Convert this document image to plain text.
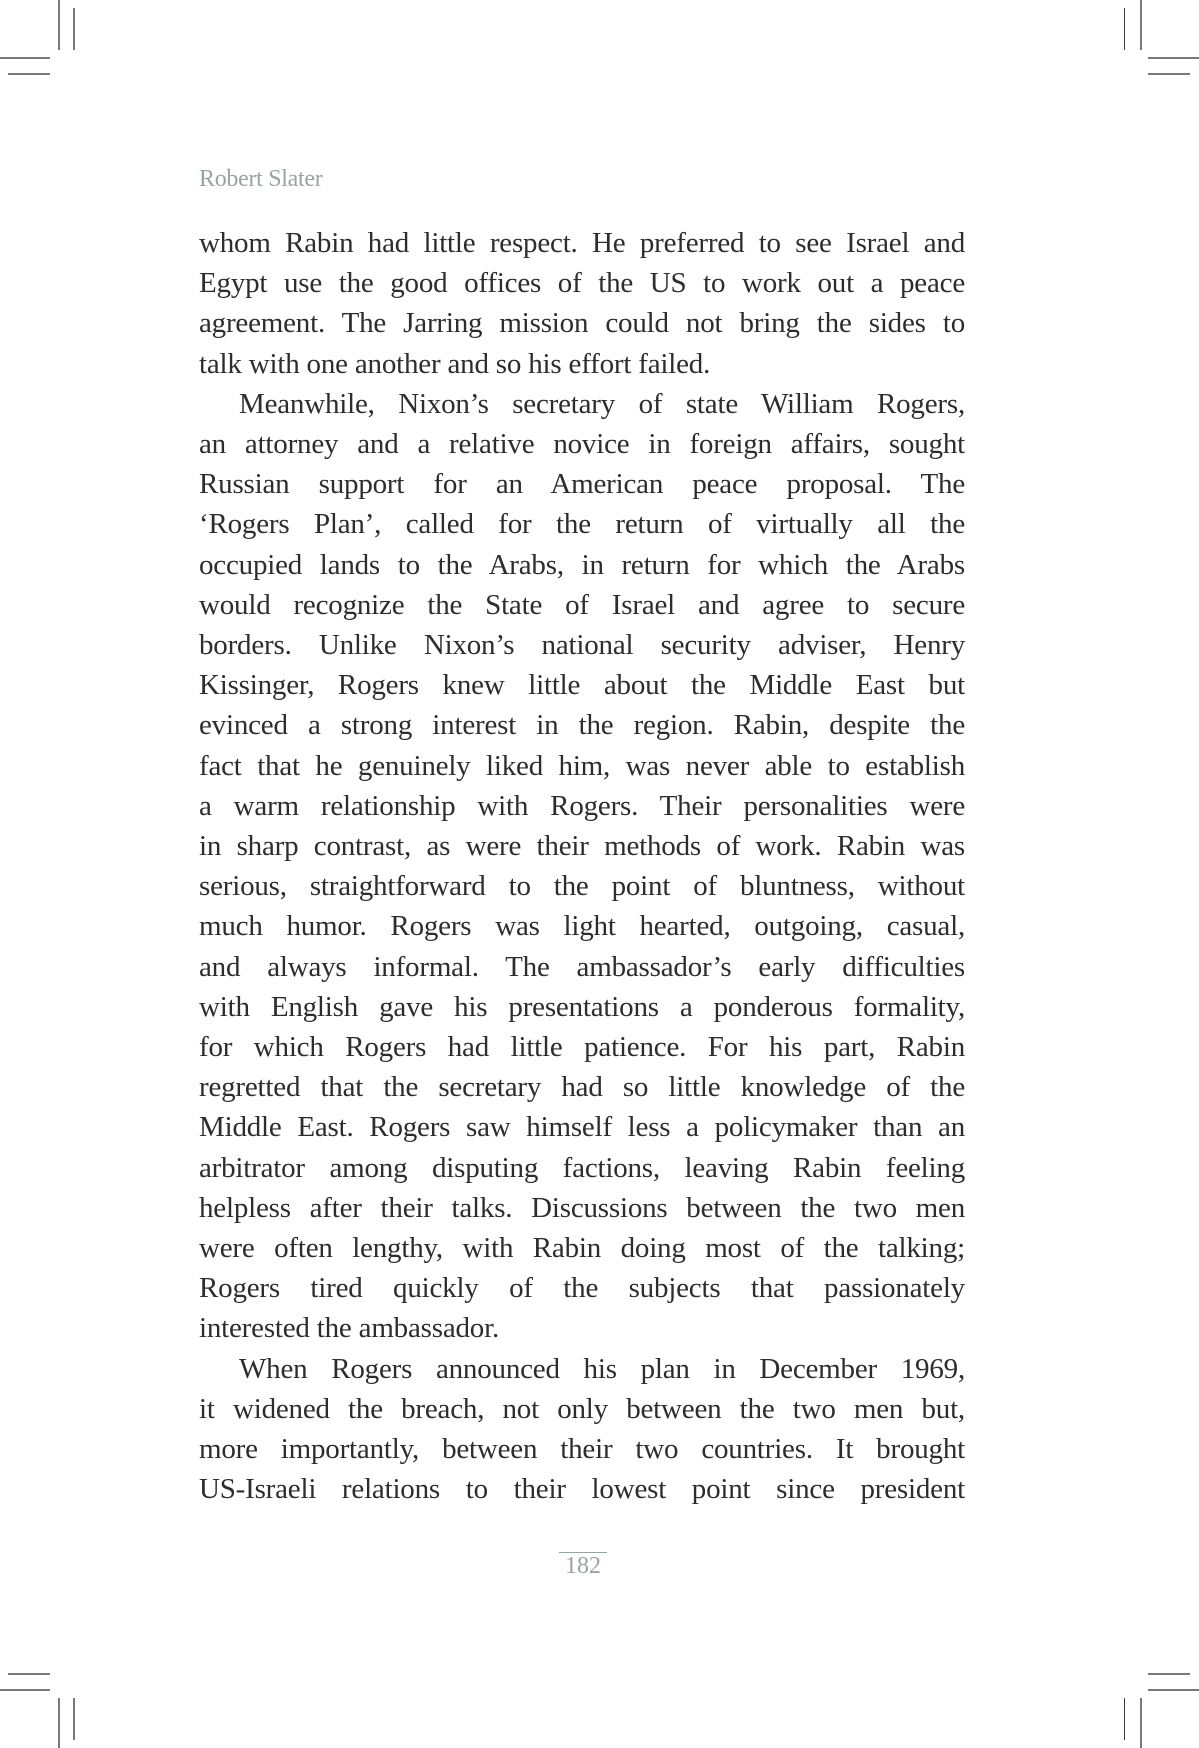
Robert Slater

whom Rabin had little respect. He preferred to see Israel and
Egypt use the good offices of the US to work out a peace
agreement. The Jarring mission could not bring the sides to
talk with one another and so his effort failed.

Meanwhile, Nixon’s secretary of state William Rogers,
an attorney and a relative novice in foreign affairs, sought
Russian support for an American peace proposal. The
‘Rogers Plan’, called for the return of virtually all the
occupied lands to the Arabs, in return for which the Arabs
would recognize the State of Israel and agree to secure
borders. Unlike Nixon’s national security adviser, Henry
Kissinger, Rogers knew little about the Middle East but
evinced a strong interest in the region. Rabin, despite the
fact that he genuinely liked him, was never able to establish
a warm relationship with Rogers. Their personalities were
in sharp contrast, as were their methods of work. Rabin was
serious, straightforward to the point of bluntness, without
much humor. Rogers was light hearted, outgoing, casual,
and always informal. The ambassador’s early difficulties
with English gave his presentations a ponderous formality,
for which Rogers had little patience. For his part, Rabin
regretted that the secretary had so little knowledge of the
Middle East. Rogers saw himself less a policymaker than an
arbitrator among disputing factions, leaving Rabin feeling
helpless after their talks. Discussions between the two men
were often lengthy, with Rabin doing most of the talking;
Rogers tired quickly of the subjects that passionately
interested the ambassador.

When Rogers announced his plan in December 1969,
it widened the breach, not only between the two men but,
more importantly, between their two countries. It brought
US-Israeli relations to their lowest point since president

182
